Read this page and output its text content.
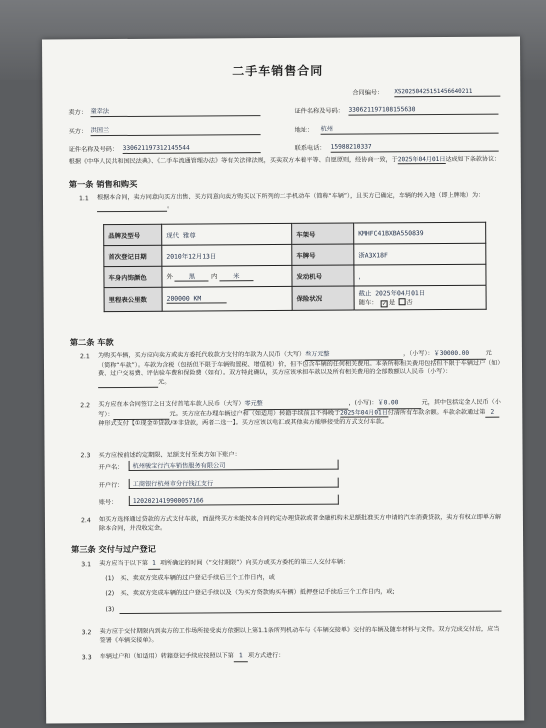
二手车销售合同
合同编号： XS20250425151456640211
卖方： 童幸法	证件名称及号码： 330621197108155630
买方： 洪国兰	地址： 杭州
证件名称及号码： 330621197312145544	联系电话： 15988210337
根据《中华人民共和国民法典》、《二手车流通管理办法》等有关法律法规，买卖双方本着平等、自愿原则，经协商一致，于2025年04月01日达成如下条款协议：
第一条 销售和购买
1.1 根据本合同，卖方同意向买方出售、买方同意向卖方购买以下所列的二手机动车（简称“车辆”），且买方已确定，车辆的转入地（即上牌地）为： 。
品牌及型号	现代 雅尊	车架号	KMHFC41BXBA550839
首次登记日期	2010年12月13日	车牌号	浙A3X18F
车身内饰颜色	外 黑 内 米	发动机号	，
里程表公里数	200000 KM	保险状况	截止 2025年04月01日
随车： ✓ 是 否
第二条 车款
2.1 为购买车辆，买方应向卖方或卖方委托代收款方支付的车款为人民币（大写）叁万元整	，（小写）：￥30000.00	元（简称“车款”）。车款为含税（包括但不限于车辆购置税、增值税）价，但不包含车辆的任何相关费用。本条所称相关费用包括但不限于车辆过户（如）费、过户交易费、评估验车费和保险费（如有）。双方特此确认，买方应该承担车款以及所有相关费用的全部数额以人民币（小写）： 元。
2.2 买方应在本合同签订之日支付首笔车款人民币（大写）零元整	，(小写)：￥0.00	元，其中包括定金人民币（小写）：	元。买方应在办理车辆过户和（如适用）转籍手续前且不得晚于2025年04月01日付清所有车款余额。车款余款通过第 2种形式支付【①现金②贷款/③非贷款，两者二选一】。买方应该以电汇或其他卖方能够接受的方式支付车款。
2.3 买方应按前述约定期限、足额支付至卖方如下账户：
开户名： 杭州骏宝行汽车销售服务有限公司
开户行： 工商银行杭州市分行钱江支行
账号： 1202021419900057166
2.4 如买方选择通过贷款的方式支付车款，而最终买方未能按本合同约定办理贷款或者金融机构未足额批准买方申请的汽车消费贷款，卖方有权立即单方解除本合同，并没收定金。
第三条 交付与过户登记
3.1 卖方应当于以下第 1 项所确定的时间（“交付期限”）向买方或买方委托的第三人交付车辆：
(1)　买、卖双方完成车辆的过户登记手续后三个工作日内，或
(2)　买、卖双方完成车辆的过户登记手续以及（为买方贷款购买车辆）抵押登记手续后三个工作日内，或;
(3)
3.2 卖方应于交付期限内到卖方的工作场所接受卖方依据以上第1.1条所列机动车与《车辆交接单》交付的车辆及随车材料与文件。双方完成交付后，应当签署《车辆交接单》。
3.3 车辆过户和（如适用）转籍登记手续应按照以下第 1 项方式进行：
